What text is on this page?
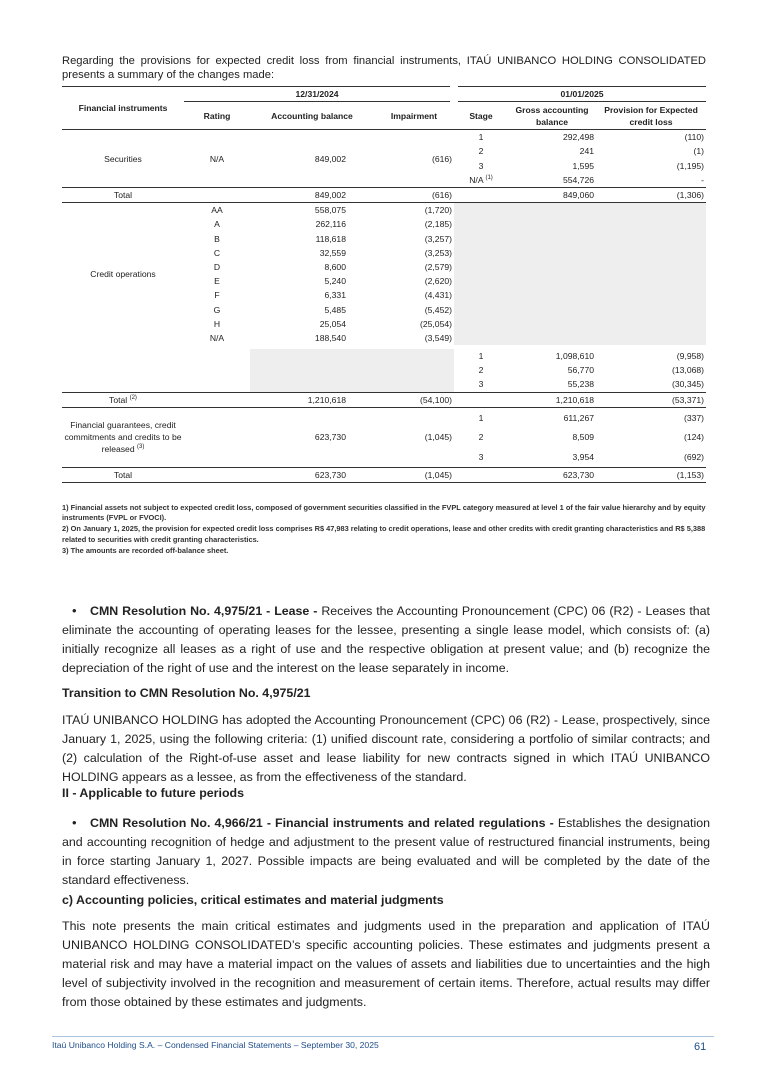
Regarding the provisions for expected credit loss from financial instruments, ITAÚ UNIBANCO HOLDING CONSOLIDATED presents a summary of the changes made:
Financial instruments	12/31/2024			01/01/2025		
	Rating	Accounting balance	Impairment	Stage	Gross accounting balance	Provision for Expected credit loss
Securities	N/A	849,002	(616)	1	292,498	(110)
				2	241	(1)
				3	1,595	(1,195)
				N/A $^{(1)}$	554,726	-
Total		849,002	(616)		849,060	(1,306)
Credit operations	AA	558,075	(1,720)			
	A	262,116	(2,185)			
	B	118,618	(3,257)			
	C	32,559	(3,253)			
	D	8,600	(2,579)			
	E	5,240	(2,620)			
	F	6,331	(4,431)			
	G	5,485	(5,452)			
	H	25,054	(25,054)			
	N/A	188,540	(3,549)			

				1	1,098,610	(9,958)
				2	56,770	(13,068)
				3	55,238	(30,345)
Total $^{(2)}$		1,210,618	(54,100)		1,210,618	(53,371)
Financial guarantees, credit commitments and credits to be released $^{(3)}$		623,730	(1,045)	1	611,267	(337)
				2	8,509	(124)
				3	3,954	(692)
Total		623,730	(1,045)		623,730	(1,153)

1) Financial assets not subject to expected credit loss, composed of government securities classified in the FVPL category measured at level 1 of the fair value hierarchy and by equity instruments (FVPL or FVOCI).

2) On January 1, 2025, the provision for expected credit loss comprises R$ 47,983 relating to credit operations, lease and other credits with credit granting characteristics and R$ 5,388 related to securities with credit granting characteristics.

3) The amounts are recorded off-balance sheet.

• CMN Resolution No. 4,975/21 - Lease - Receives the Accounting Pronouncement (CPC) 06 (R2) - Leases that eliminate the accounting of operating leases for the lessee, presenting a single lease model, which consists of: (a) initially recognize all leases as a right of use and the respective obligation at present value; and (b) recognize the depreciation of the right of use and the interest on the lease separately in income.

Transition to CMN Resolution No. 4,975/21

ITAÚ UNIBANCO HOLDING has adopted the Accounting Pronouncement (CPC) 06 (R2) - Lease, prospectively, since January 1, 2025, using the following criteria: (1) unified discount rate, considering a portfolio of similar contracts; and (2) calculation of the Right-of-use asset and lease liability for new contracts signed in which ITAÚ UNIBANCO HOLDING appears as a lessee, as from the effectiveness of the standard.

II - Applicable to future periods

• CMN Resolution No. 4,966/21 - Financial instruments and related regulations - Establishes the designation and accounting recognition of hedge and adjustment to the present value of restructured financial instruments, being in force starting January 1, 2027. Possible impacts are being evaluated and will be completed by the date of the standard effectiveness.

c) Accounting policies, critical estimates and material judgments

This note presents the main critical estimates and judgments used in the preparation and application of ITAÚ UNIBANCO HOLDING CONSOLIDATED’s specific accounting policies. These estimates and judgments present a material risk and may have a material impact on the values of assets and liabilities due to uncertainties and the high level of subjectivity involved in the recognition and measurement of certain items. Therefore, actual results may differ from those obtained by these estimates and judgments.

Itaú Unibanco Holding S.A. – Condensed Financial Statements – September 30, 2025	61
